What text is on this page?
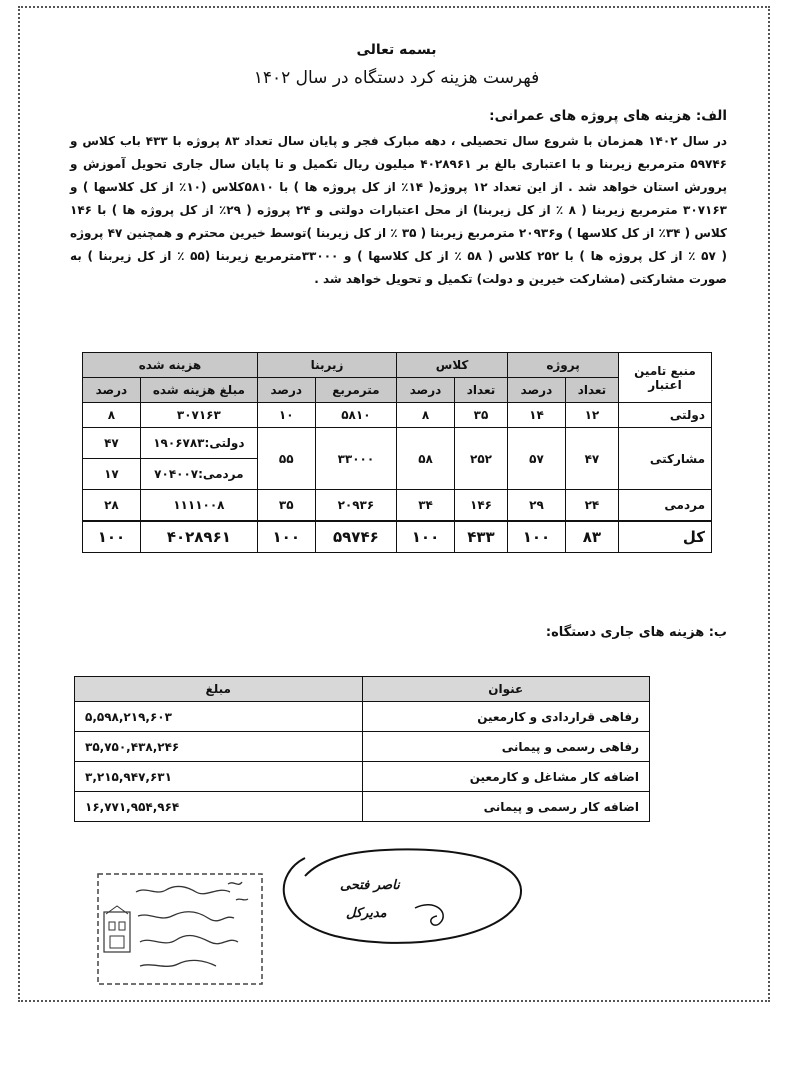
بسمه تعالی
فهرست هزینه کرد دستگاه در سال ۱۴۰۲
الف: هزینه های پروژه های عمرانی:
در سال ۱۴۰۲ همزمان با شروع سال تحصیلی ، دهه مبارک فجر و پایان سال تعداد ۸۳ پروژه با ۴۳۳ باب کلاس و ۵۹۷۴۶ مترمربع زیربنا و با اعتباری بالغ بر ۴۰۲۸۹۶۱ میلیون ریال تکمیل و تا پایان سال جاری تحویل آموزش و پرورش استان خواهد شد . از این تعداد ۱۲ پروژه( ۱۴٪ از کل پروژه ها ) با ۵۸۱۰کلاس (۱۰٪ از کل کلاسها ) و ۳۰۷۱۶۳ مترمربع زیربنا ( ۸ ٪ از کل زیربنا) از محل اعتبارات دولتی و ۲۴ پروژه ( ۲۹٪ از کل پروژه ها ) با ۱۴۶ کلاس ( ۳۴٪ از کل کلاسها ) و۲۰۹۳۶ مترمربع زیربنا ( ۳۵ ٪ از کل زیربنا )توسط خیرین محترم و همچنین ۴۷ پروژه ( ۵۷ ٪ از کل پروژه ها ) با ۲۵۲ کلاس ( ۵۸ ٪ از کل کلاسها ) و ۳۳۰۰۰مترمربع زیربنا (۵۵ ٪ از کل زیربنا ) به صورت مشارکتی (مشارکت خیرین و دولت) تکمیل و تحویل خواهد شد .
منبع تامین اعتبار	پروژه		کلاس		زیربنا		هزینه شده	
	تعداد	درصد	تعداد	درصد	مترمربع	درصد	مبلغ هزینه شده	درصد
دولتی	۱۲	۱۴	۳۵	۸	۵۸۱۰	۱۰	۳۰۷۱۶۳	۸
مشارکتی	۴۷	۵۷	۲۵۲	۵۸	۳۳۰۰۰	۵۵	دولتی:۱۹۰۶۷۸۳	۴۷
							مردمی:۷۰۴۰۰۷	۱۷
مردمی	۲۴	۲۹	۱۴۶	۳۴	۲۰۹۳۶	۳۵	۱۱۱۱۰۰۸	۲۸
کل	۸۳	۱۰۰	۴۳۳	۱۰۰	۵۹۷۴۶	۱۰۰	۴۰۲۸۹۶۱	۱۰۰
ب: هزینه های جاری دستگاه:
عنوان	مبلغ
رفاهی قراردادی و کارمعین	۵,۵۹۸,۲۱۹,۶۰۳
رفاهی رسمی و پیمانی	۳۵,۷۵۰,۴۳۸,۲۴۶
اضافه کار مشاغل و کارمعین	۳,۲۱۵,۹۴۷,۶۳۱
اضافه کار رسمی و پیمانی	۱۶,۷۷۱,۹۵۴,۹۶۴
ناصر فتحی
مدیرکل
